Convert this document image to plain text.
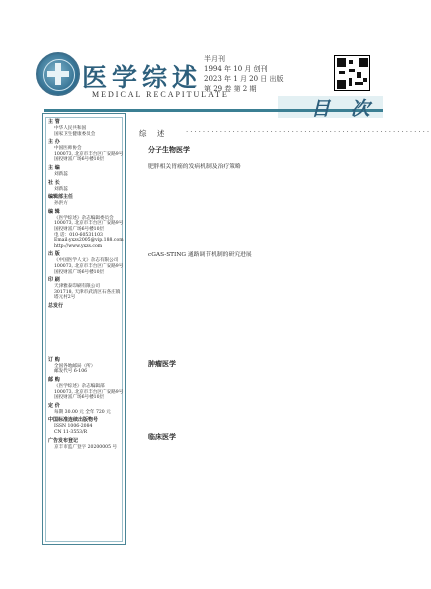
医学综述
MEDICAL RECAPITULATE
半月刊
1994 年 10 月 创刊
2023 年 1 月 20 日 出版
第 29 卷 第 2 期
目 次
主 管
中华人民共和国
国家卫生健康委员会
主 办
中国医师协会
100073, 北京市丰台区广安路9号
国投财富广场6号楼10层
主 编
刘新蕊
社 长
刘新蕊
编辑部主任
孙洪方
编 辑
《医学综述》杂志编辑委员会
100073, 北京市丰台区广安路9号
国投财富广场6号楼10层
电 话：010-60531103
Email:yxzs2005@vip.188.com
http://www.yxzs.com
出 版
《中国医学人文》杂志有限公司
100073, 北京市丰台区广安路9号
国投财富广场6号楼10层
印 刷
天津雅泰印刷有限公司
301718, 天津市武清区石各庄镇
塔元村2号
总发行
订 购
全国各地邮局（所）
邮发代号 6-106
邮 购
《医学综述》杂志编辑部
100073, 北京市丰台区广安路9号
国投财富广场6号楼10层
定 价
每期 30.00 元 全年 720 元
中国标准连续出版物号
ISSN 1006-2084
CN 11-3553/R
广告发布登记
京丰市监广登字 20200005 号
综 述	··························································
分子生物医学
肥胖相关胃癌的发病机制及治疗策略
cGAS-STING 通路调节机制的研究进展
肿瘤医学
临床医学
